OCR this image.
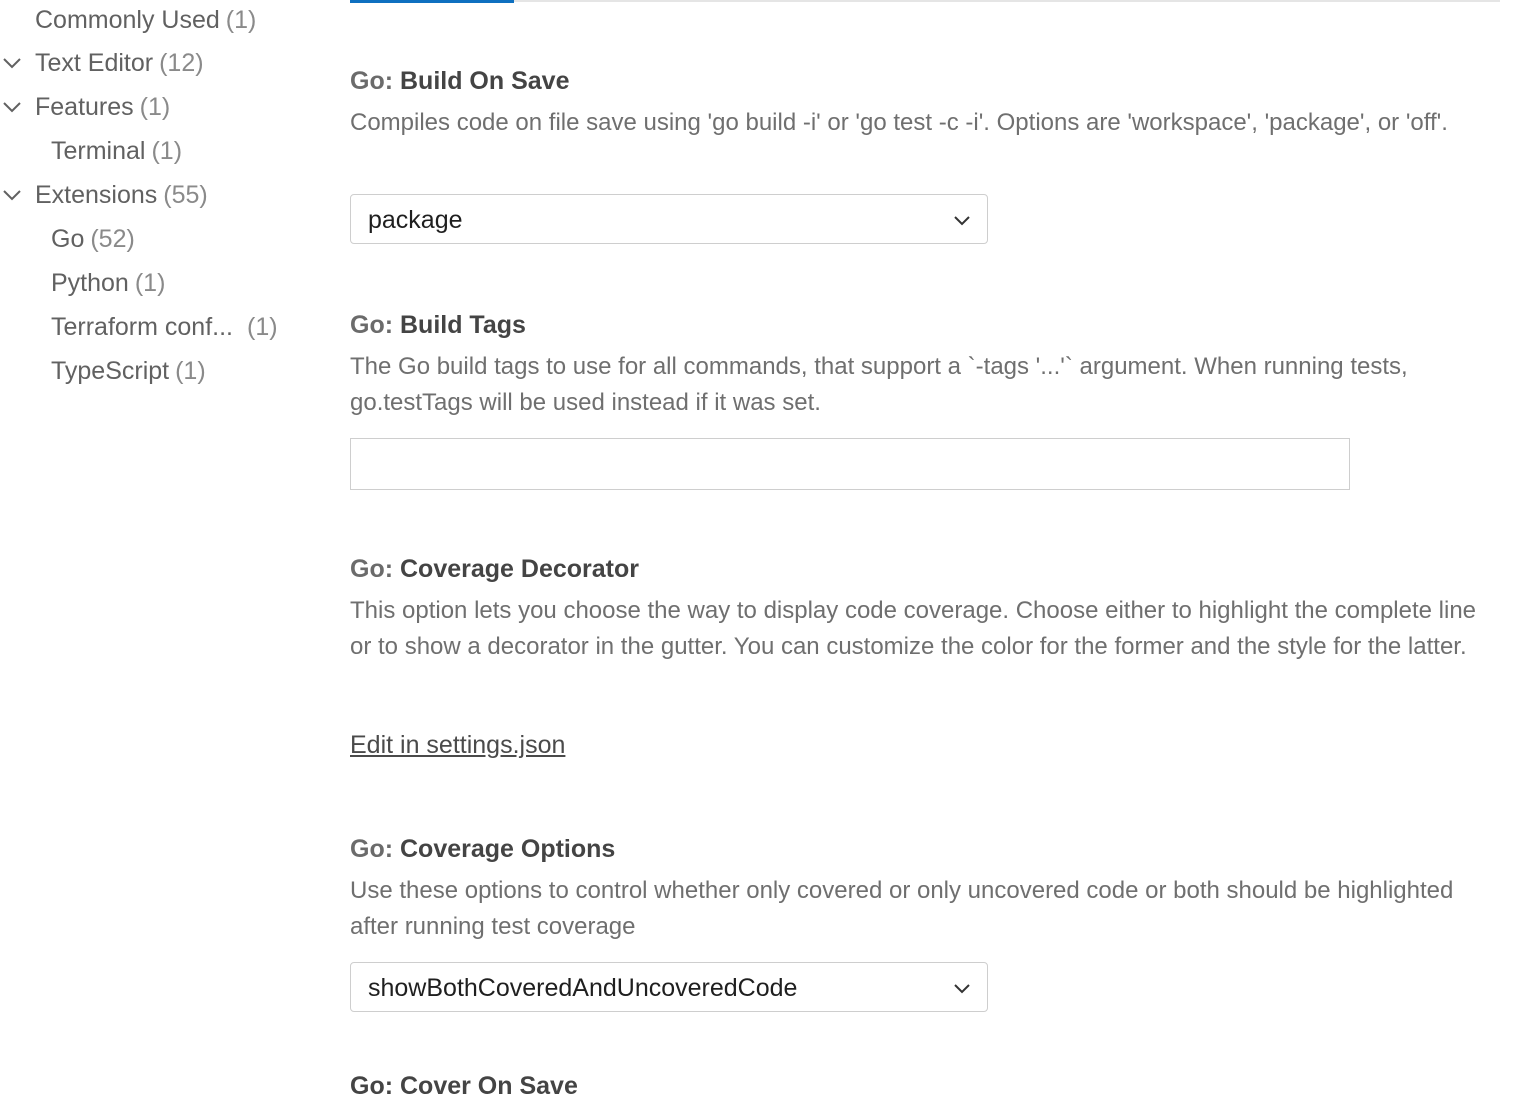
Commonly Used (1)
Text Editor (12)
Features (1)
Terminal (1)
Extensions (55)
Go (52)
Python (1)
Terraform conf... (1)
TypeScript (1)
Go: Build On Save
Compiles code on file save using 'go build -i' or 'go test -c -i'. Options are 'workspace', 'package', or 'off'.
package
Go: Build Tags
The Go build tags to use for all commands, that support a `-tags '...'` argument. When running tests, go.testTags will be used instead if it was set.
Go: Coverage Decorator
This option lets you choose the way to display code coverage. Choose either to highlight the complete line or to show a decorator in the gutter. You can customize the color for the former and the style for the latter.
Edit in settings.json
Go: Coverage Options
Use these options to control whether only covered or only uncovered code or both should be highlighted after running test coverage
showBothCoveredAndUncoveredCode
Go: Cover On Save
